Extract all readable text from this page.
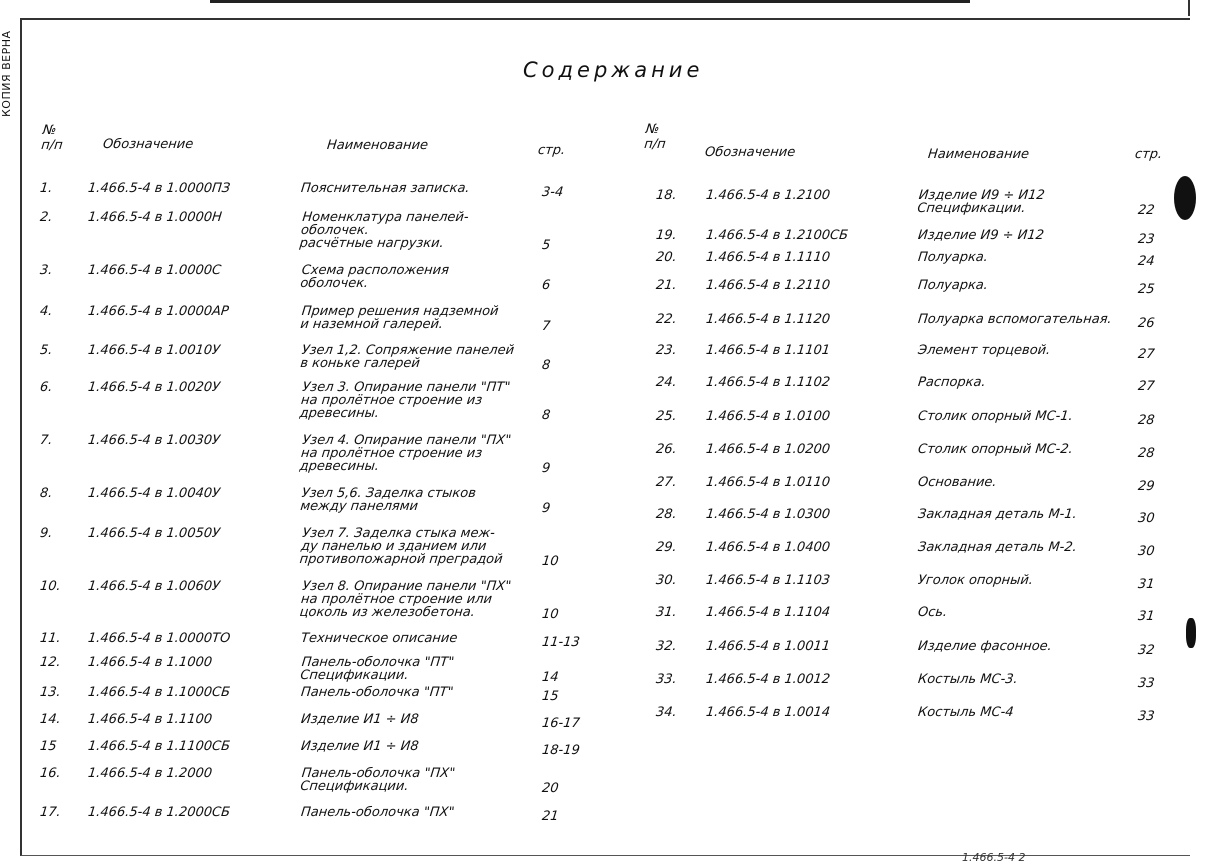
КОПИЯ ВЕРНА	Содержание
№
п/п	Обозначение	Наименование	стр.
№
п/п
Обозначение	Наименование	стр.
1.	1.466.5-4 в 1.0000ПЗ	Пояснительная записка.	3-4
2.	1.466.5-4 в 1.0000Н	Номенклатура панелей-
оболочек.
расчётные нагрузки.	5
3.	1.466.5-4 в 1.0000С	Схема расположения
оболочек.	6
4.	1.466.5-4 в 1.0000АР	Пример решения надземной
и наземной галерей.	7
5.	1.466.5-4 в 1.0010У	Узел 1,2. Сопряжение панелей
в коньке галерей	8
6.	1.466.5-4 в 1.0020У	Узел 3. Опирание панели "ПТ"
на пролётное строение из
древесины.	8
7.	1.466.5-4 в 1.0030У	Узел 4. Опирание панели "ПХ"
на пролётное строение из
древесины.	9
8.	1.466.5-4 в 1.0040У	Узел 5,6. Заделка стыков
между панелями	9
9.	1.466.5-4 в 1.0050У	Узел 7. Заделка стыка меж-
ду панелью и зданием или
противопожарной преградой	10
10.	1.466.5-4 в 1.0060У	Узел 8. Опирание панели "ПХ"
на пролётное строение или
цоколь из железобетона.	10
11.	1.466.5-4 в 1.0000ТО	Техническое описание	11-13
12.	1.466.5-4 в 1.1000	Панель-оболочка "ПТ"
Спецификации.	14
13.	1.466.5-4 в 1.1000СБ	Панель-оболочка "ПТ"	15
14.	1.466.5-4 в 1.1100	Изделие И1 ÷ И8	16-17
15	1.466.5-4 в 1.1100СБ	Изделие И1 ÷ И8	18-19
16.	1.466.5-4 в 1.2000	Панель-оболочка "ПХ"
Спецификации.	20
17.	1.466.5-4 в 1.2000СБ	Панель-оболочка "ПХ"	21
18.	1.466.5-4 в 1.2100	Изделие И9 ÷ И12
Спецификации.	22
19.	1.466.5-4 в 1.2100СБ	Изделие И9 ÷ И12	23
20.	1.466.5-4 в 1.1110	Полуарка.	24
21.	1.466.5-4 в 1.2110	Полуарка.	25
22.	1.466.5-4 в 1.1120	Полуарка вспомогательная. 26
23.	1.466.5-4 в 1.1101	Элемент торцевой.	27
24.	1.466.5-4 в 1.1102	Распорка.	27
25.	1.466.5-4 в 1.0100	Столик опорный МС-1.	28
26.	1.466.5-4 в 1.0200	Столик опорный МС-2.	28
27.	1.466.5-4 в 1.0110	Основание.	29
28.	1.466.5-4 в 1.0300	Закладная деталь М-1.	30
29.	1.466.5-4 в 1.0400	Закладная деталь М-2.	30
30.	1.466.5-4 в 1.1103	Уголок опорный.	31
31.	1.466.5-4 в 1.1104	Ось.	31
32.	1.466.5-4 в 1.0011	Изделие фасонное.	32
33.	1.466.5-4 в 1.0012	Костыль МС-3.	33
34.	1.466.5-4 в 1.0014	Костыль МС-4	33
1.466.5-4 2
